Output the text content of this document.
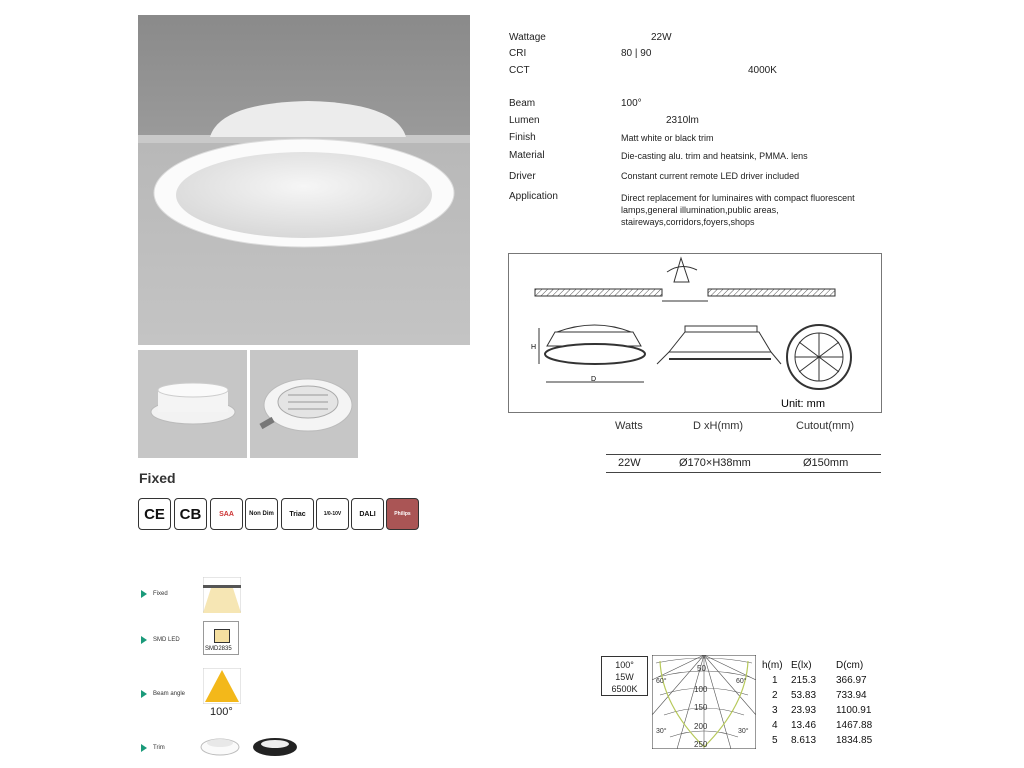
Wattage	22W
CRI	80 | 90
CCT	4000K
Beam	100°
Lumen	2310lm
Finish	Matt white or black trim
Material	Die-casting alu. trim and heatsink, PMMA. lens
Driver	Constant current remote LED driver included
Application	Direct replacement for luminaires with compact fluorescent lamps,general illumination,public areas, staireways,corridors,foyers,shops
H
D
Unit: mm
Watts	D xH(mm)	Cutout(mm)
22W	Ø170×H38mm	Ø150mm
Fixed
CE CB	SAA	Non Dim Triac	1/0-10V	DALI	Philips
Fixed
SMD LED
SMD2835
Beam angle
100°
Trim
100°
15W
6500K
50
100
150
200
250
60°	60°
30°	30°
h(m) E(lx) D(cm)
1 215.3 366.97
2 53.83 733.94
3 23.93 1100.91
4 13.46 1467.88
5 8.613 1834.85
